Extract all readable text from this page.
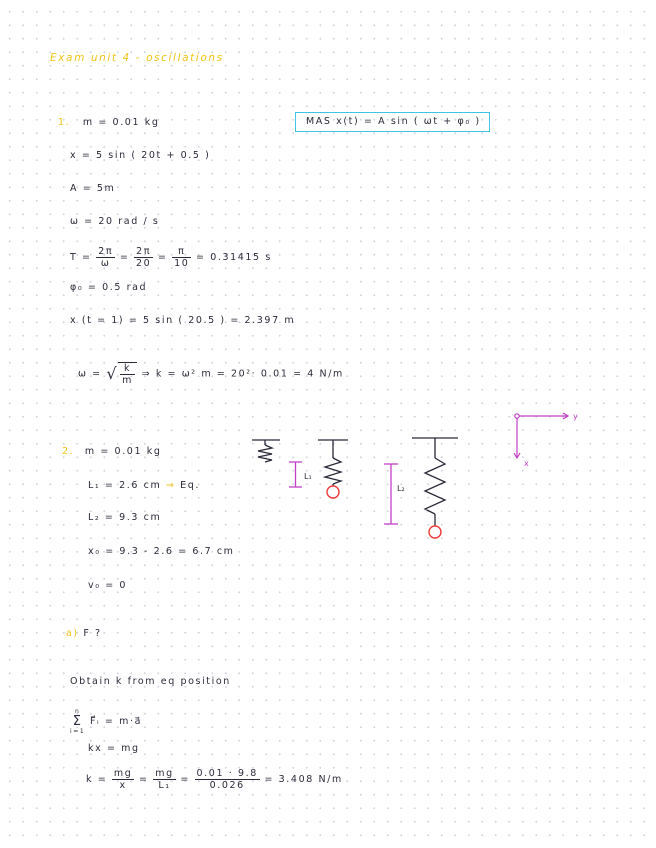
Exam unit 4 - oscillations
1. m = 0.01 kg	MAS x(t) = A sin ( ωt + φ₀ )
x = 5 sin ( 20t + 0.5 )
A = 5m
ω = 20 rad / s
$T = \frac{2\pi}{\omega} = \frac{2\pi}{20} = \frac{\pi}{10} = 0.31415$ s
φ₀ = 0.5 rad
x (t = 1) = 5 sin ( 20.5 ) = 2.397 m
ω = √ $\frac{k}{m}$ ⇒ k = ω² m = 20²· 0.01 = 4 N/m
2. m = 0.01 kg
L₁ = 2.6 cm ⇒ Eq.
L₂ = 9.3 cm
x₀ = 9.3 - 2.6 = 6.7 cm
v₀ = 0
a) F ?
Obtain k from eq position
n
Σ
i=1
F⃗ᵢ = m·a⃗
kx = mg
$k = \frac{mg}{x} = \frac{mg}{\text{L₁}} = \frac{0.01 \cdot 9.8}{0.026} = 3.408$ N/m
L₁
L₂
y
x
